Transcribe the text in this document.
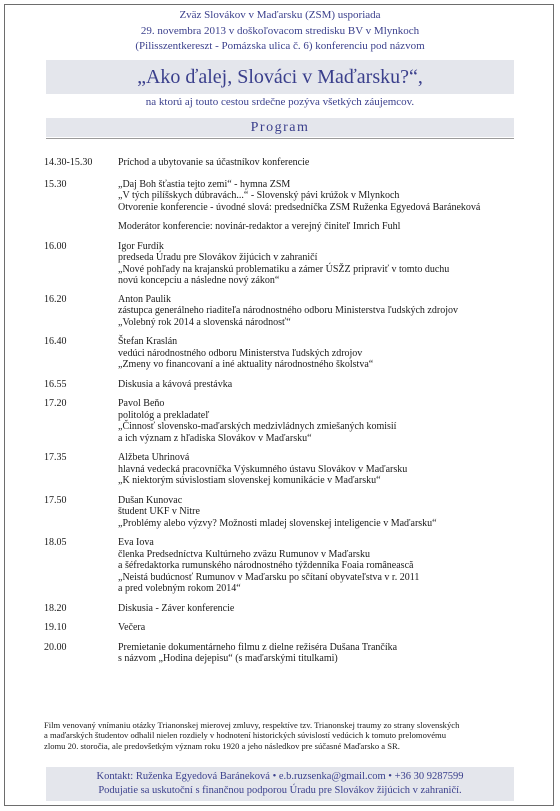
Zväz Slovákov v Maďarsku (ZSM) usporiada
29. novembra 2013 v doškoľovacom stredisku BV v Mlynkoch
(Pilisszentkereszt - Pomázska ulica č. 6) konferenciu pod názvom
„Ako ďalej, Slováci v Maďarsku?“,
na ktorú aj touto cestou srdečne pozýva všetkých záujemcov.
Program
14.30-15.30	Príchod a ubytovanie sa účastníkov konferencie
15.30	„Daj Boh šťastia tejto zemi“ - hymna ZSM
„V tých pilíšskych dúbravách...“ - Slovenský pávi krúžok v Mlynkoch
Otvorenie konferencie - úvodné slová: predsedníčka ZSM Ruženka Egyedová Baráneková
Moderátor konferencie: novinár-redaktor a verejný činiteľ Imrich Fuhl
16.00	Igor Furdík
predseda Úradu pre Slovákov žijúcich v zahraničí
„Nové pohľady na krajanskú problematiku a zámer ÚSŽZ pripraviť v tomto duchu
novú koncepciu a následne nový zákon“
16.20	Anton Paulik
zástupca generálneho riaditeľa národnostného odboru Ministerstva ľudských zdrojov
„Volebný rok 2014 a slovenská národnosť“
16.40	Štefan Kraslán
vedúci národnostného odboru Ministerstva ľudských zdrojov
„Zmeny vo financovaní a iné aktuality národnostného školstva“
16.55	Diskusia a kávová prestávka
17.20	Pavol Beňo
politológ a prekladateľ
„Činnosť slovensko-maďarských medzivládnych zmiešaných komisií
a ich význam z hľadiska Slovákov v Maďarsku“
17.35	Alžbeta Uhrinová
hlavná vedecká pracovníčka Výskumného ústavu Slovákov v Maďarsku
„K niektorým súvislostiam slovenskej komunikácie v Maďarsku“
17.50	Dušan Kunovac
študent UKF v Nitre
„Problémy alebo výzvy? Možnosti mladej slovenskej inteligencie v Maďarsku“
18.05	Eva Iova
členka Predsedníctva Kultúrneho zväzu Rumunov v Maďarsku
a šéfredaktorka rumunského národnostného týždenníka Foaia românească
„Neistá budúcnosť Rumunov v Maďarsku po sčítaní obyvateľstva v r. 2011
a pred volebným rokom 2014“
18.20	Diskusia - Záver konferencie
19.10	Večera
20.00	Premietanie dokumentárneho filmu z dielne režiséra Dušana Trančíka
s názvom „Hodina dejepisu“ (s maďarskými titulkami)
Film venovaný vnímaniu otázky Trianonskej mierovej zmluvy, respektíve tzv. Trianonskej traumy zo strany slovenských
a maďarských študentov odhalil nielen rozdiely v hodnotení historických súvislostí vedúcich k tomuto prelomovému
zlomu 20. storočia, ale predovšetkým význam roku 1920 a jeho následkov pre súčasné Maďarsko a SR.
Kontakt: Ruženka Egyedová Baráneková • e.b.ruzsenka@gmail.com • +36 30 9287599
Podujatie sa uskutoční s finančnou podporou Úradu pre Slovákov žijúcich v zahraničí.
